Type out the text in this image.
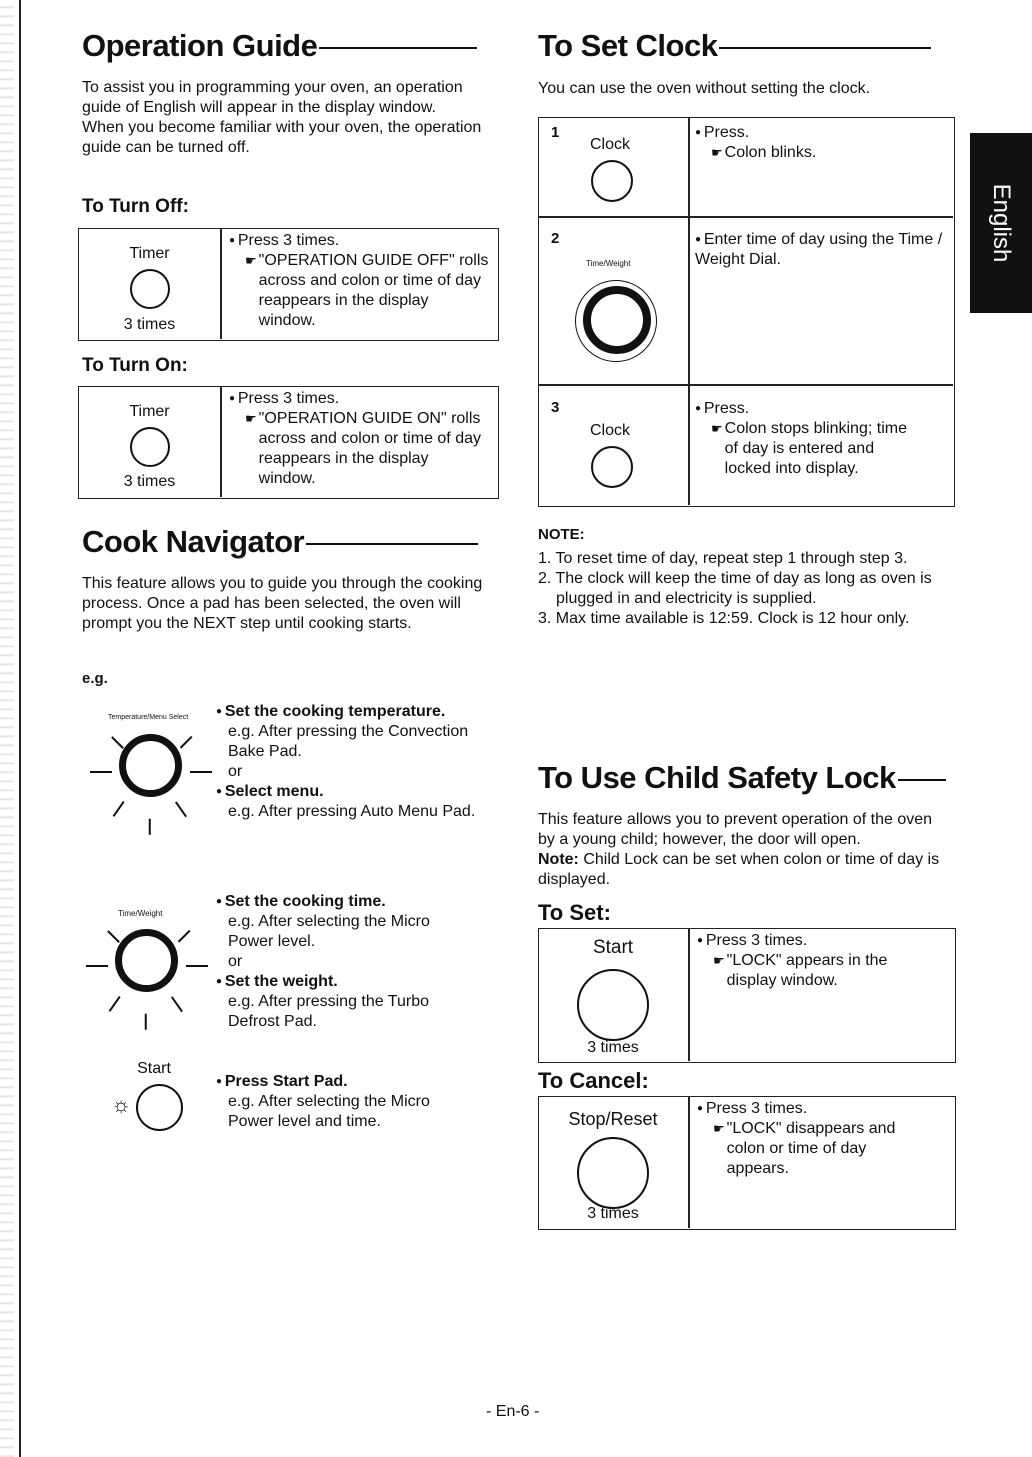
English
Operation Guide

To assist you in programming your oven, an operation guide of English will appear in the display window.

When you become familiar with your oven, the operation guide can be turned off.

To Turn Off:
Timer
3 times
● Press 3 times.
☛ "OPERATION GUIDE OFF" rolls across and colon or time of day reappears in the display window.
To Turn On:
Timer
3 times
● Press 3 times.
☛ "OPERATION GUIDE ON" rolls across and colon or time of day reappears in the display window.
Cook Navigator

This feature allows you to guide you through the cooking process. Once a pad has been selected, the oven will prompt you the NEXT step until cooking starts.

e.g.
Temperature/Menu Select
●	Set the cooking temperature.
e.g. After pressing the Convection Bake Pad.
or
● Select menu.
e.g. After pressing Auto Menu Pad.
Time/Weight
● Set the cooking time.
e.g. After selecting the Micro Power level.
or
● Set the weight.
e.g. After pressing the Turbo Defrost Pad.
Start
☼
● Press Start Pad.
e.g. After selecting the Micro Power level and time.
To Set Clock

You can use the oven without setting the clock.

1
Clock
● Press.
☛ Colon blinks.
2
Time/Weight
● Enter time of day using the Time / Weight Dial.
3
Clock
● Press.
☛ Colon stops blinking; time of day is entered and locked into display.
NOTE:
1. To reset time of day, repeat step 1 through step 3.
2. The clock will keep the time of day as long as oven is plugged in and electricity is supplied.
3. Max time available is 12:59. Clock is 12 hour only.
To Use Child Safety Lock
This feature allows you to prevent operation of the oven by a young child; however, the door will open.
Note: Child Lock can be set when colon or time of day is displayed.
To Set:
Start
3 times
● Press 3 times.
☛ "LOCK" appears in the display window.
To Cancel:
Stop/Reset
3 times
● Press 3 times.
☛ "LOCK" disappears and colon or time of day appears.
- En-6 -
